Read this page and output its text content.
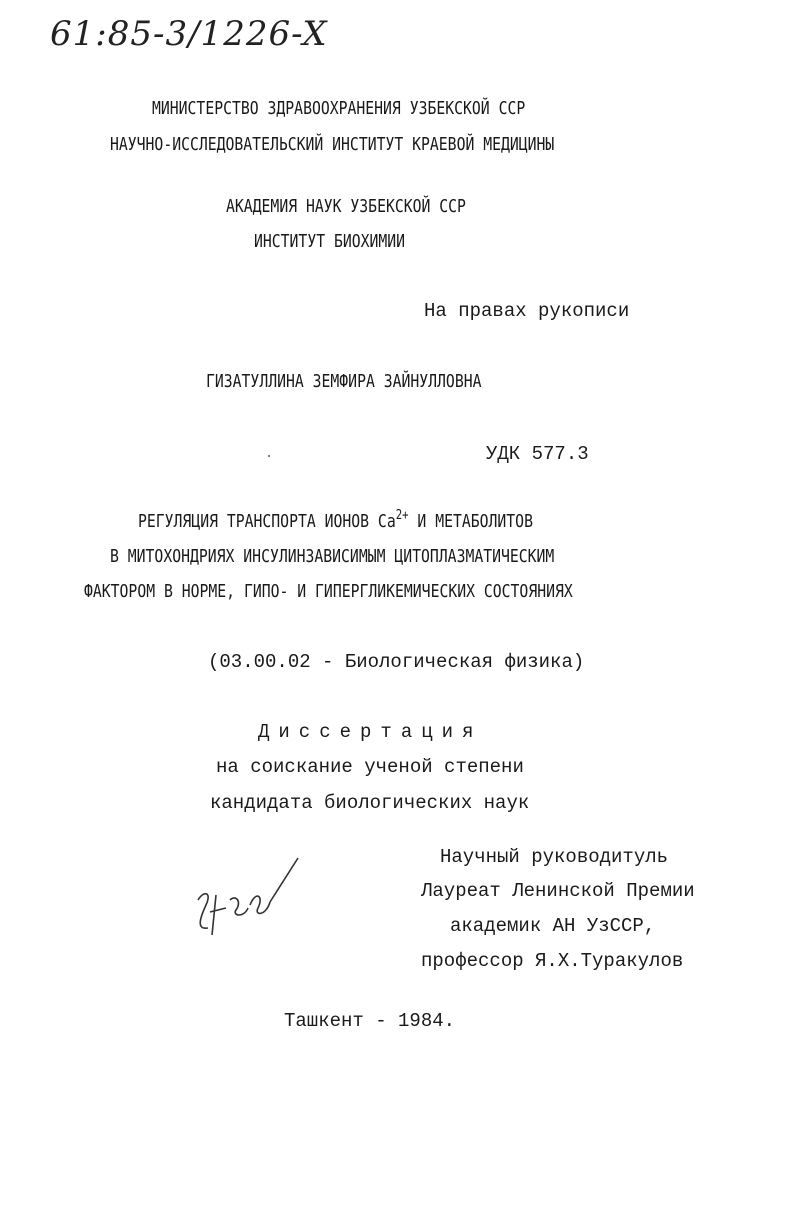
61:85-3/1226-X
МИНИСТЕРСТВО ЗДРАВООХРАНЕНИЯ УЗБЕКСКОЙ ССР
НАУЧНО-ИССЛЕДОВАТЕЛЬСКИЙ ИНСТИТУТ КРАЕВОЙ МЕДИЦИНЫ
АКАДЕМИЯ НАУК УЗБЕКСКОЙ ССР
ИНСТИТУТ БИОХИМИИ
На правах рукописи
ГИЗАТУЛЛИНА ЗЕМФИРА ЗАЙНУЛЛОВНА
УДК 577.3
РЕГУЛЯЦИЯ ТРАНСПОРТА ИОНОВ $Ca^{2+}$ И МЕТАБОЛИТОВ
В МИТОХОНДРИЯХ ИНСУЛИНЗАВИСИМЫМ ЦИТОПЛАЗМАТИЧЕСКИМ
ФАКТОРОМ В НОРМЕ, ГИПО- И ГИПЕРГЛИКЕМИЧЕСКИХ СОСТОЯНИЯХ
(03.00.02 - Биологическая физика)
Диссертация
на соискание ученой степени
кандидата биологических наук
Научный руководитуль
Лауреат Ленинской Премии
академик АН УзССР,
профессор Я.Х.Туракулов
Ташкент - 1984.
